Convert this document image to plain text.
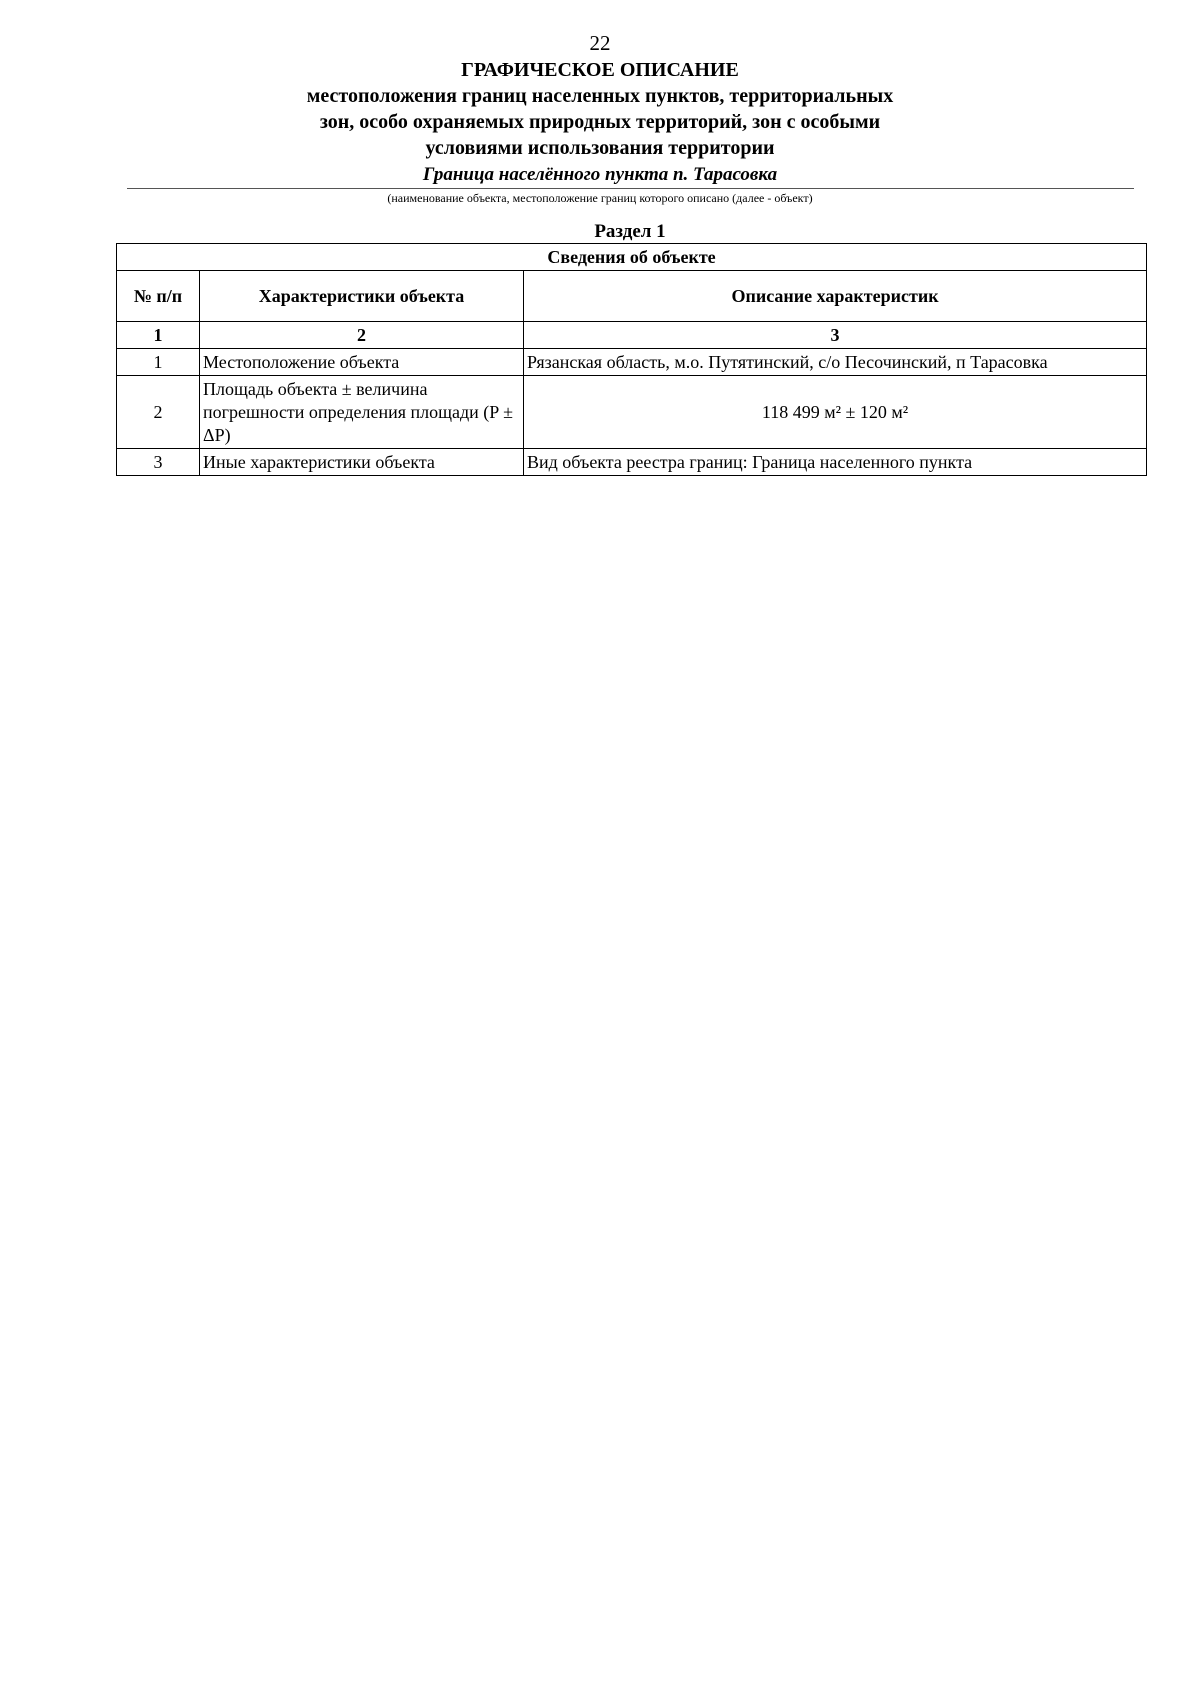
22
ГРАФИЧЕСКОЕ ОПИСАНИЕ
местоположения границ населенных пунктов, территориальных
зон, особо охраняемых природных территорий, зон с особыми
условиями использования территории
Граница населённого пункта п. Тарасовка
(наименование объекта, местоположение границ которого описано (далее - объект)
Раздел 1
Сведения об объекте		
№ п/п	Характеристики объекта	Описание характеристик
1	2	3
1	Местоположение объекта	Рязанская область, м.о. Путятинский, с/о Песочинский, п Тарасовка
2	Площадь объекта ± величина погрешности определения площади (P ± ΔP)	118 499 м² ± 120 м²
3	Иные характеристики объекта	Вид объекта реестра границ: Граница населенного пункта
